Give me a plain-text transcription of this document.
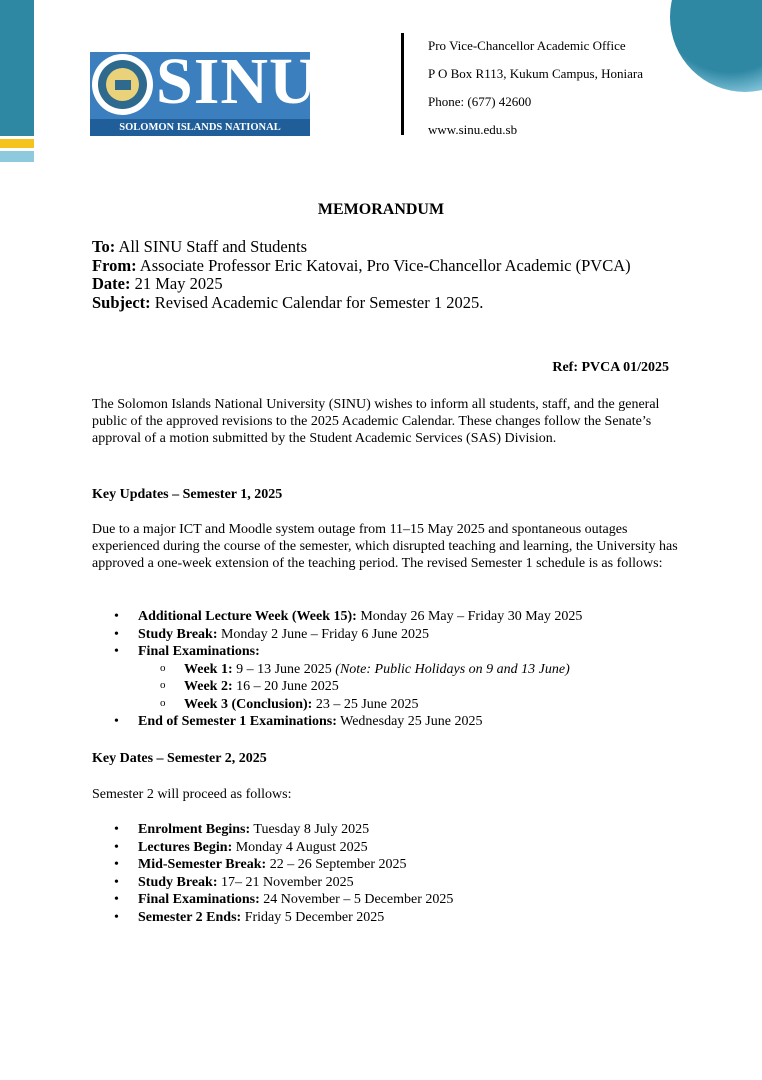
SINU
SOLOMON ISLANDS NATIONAL UNIVERSITY
Pro Vice-Chancellor Academic Office
P O Box R113, Kukum Campus, Honiara
Phone: (677) 42600
www.sinu.edu.sb
MEMORANDUM
To: All SINU Staff and Students
From: Associate Professor Eric Katovai, Pro Vice-Chancellor Academic (PVCA)
Date: 21 May 2025
Subject: Revised Academic Calendar for Semester 1 2025.
Ref: PVCA 01/2025
The Solomon Islands National University (SINU) wishes to inform all students, staff, and the general public of the approved revisions to the 2025 Academic Calendar. These changes follow the Senate’s approval of a motion submitted by the Student Academic Services (SAS) Division.
Key Updates – Semester 1, 2025
Due to a major ICT and Moodle system outage from 11–15 May 2025 and spontaneous outages experienced during the course of the semester, which disrupted teaching and learning, the University has approved a one-week extension of the teaching period. The revised Semester 1 schedule is as follows:
• Additional Lecture Week (Week 15): Monday 26 May – Friday 30 May 2025
• Study Break: Monday 2 June – Friday 6 June 2025
• Final Examinations:
o Week 1: 9 – 13 June 2025 (Note: Public Holidays on 9 and 13 June)
o Week 2: 16 – 20 June 2025
o Week 3 (Conclusion): 23 – 25 June 2025
• End of Semester 1 Examinations: Wednesday 25 June 2025
Key Dates – Semester 2, 2025
Semester 2 will proceed as follows:
• Enrolment Begins: Tuesday 8 July 2025
• Lectures Begin: Monday 4 August 2025
• Mid-Semester Break: 22 – 26 September 2025
• Study Break: 17– 21 November 2025
• Final Examinations: 24 November – 5 December 2025
• Semester 2 Ends: Friday 5 December 2025
